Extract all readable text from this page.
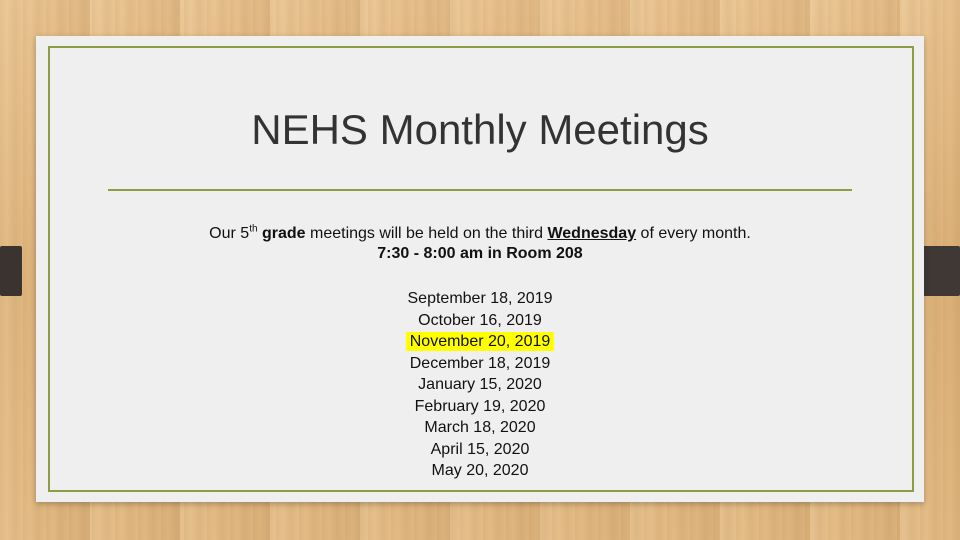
NEHS Monthly Meetings
Our 5th grade meetings will be held on the third Wednesday of every month.
7:30 - 8:00 am in Room 208
September 18, 2019
October 16, 2019
November 20, 2019
December 18, 2019
January 15, 2020
February 19, 2020
March 18, 2020
April 15, 2020
May 20, 2020
